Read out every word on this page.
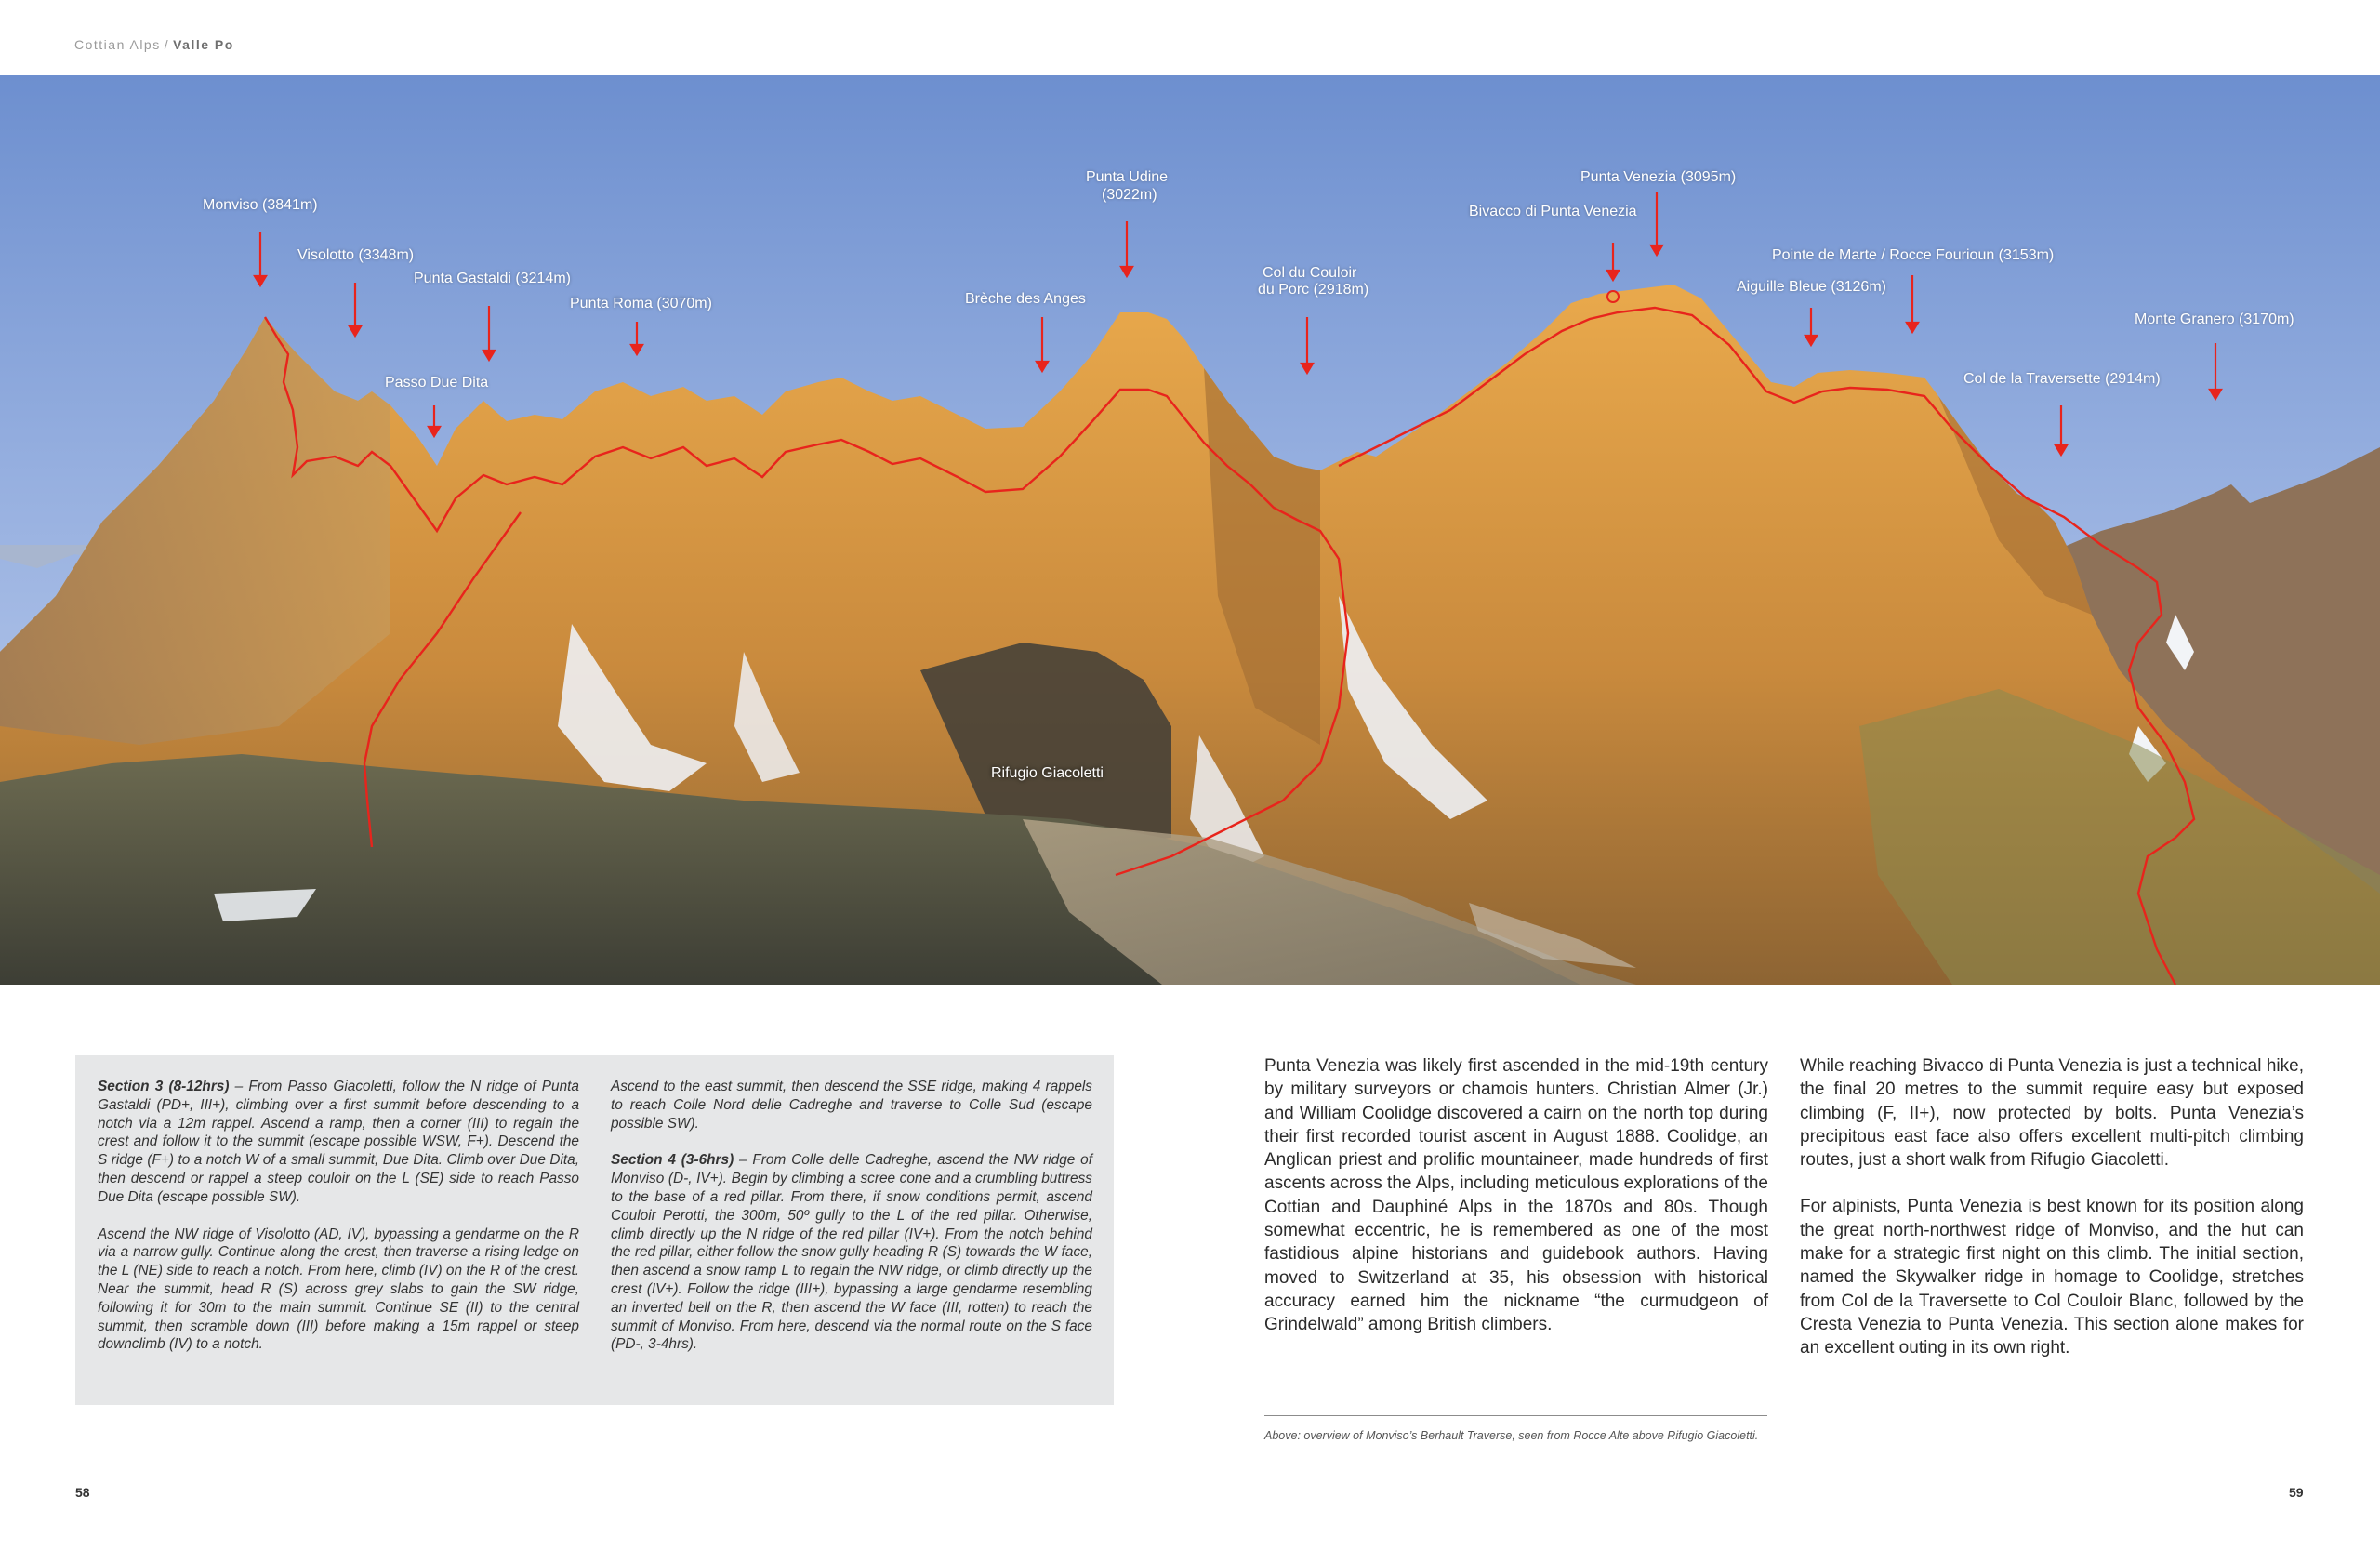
Cottian Alps / Valle Po
Monviso (3841m)
Visolotto (3348m)
Punta Gastaldi (3214m)
Passo Due Dita
Punta Roma (3070m)
Punta Udine
(3022m)
Brèche des Anges
Col du Couloir
du Porc (2918m)
Punta Venezia (3095m)
Bivacco di Punta Venezia
Pointe de Marte / Rocce Fourioun (3153m)
Aiguille Bleue (3126m)
Monte Granero (3170m)
Col de la Traversette (2914m)
Rifugio Giacoletti

Section 3 (8-12hrs) – From Passo Giacoletti, follow the N ridge of Punta Gastaldi (PD+, III+), climbing over a first summit before descending to a notch via a 12m rappel. Ascend a ramp, then a corner (III) to regain the crest and follow it to the summit (escape possible WSW, F+). Descend the S ridge (F+) to a notch W of a small summit, Due Dita. Climb over Due Dita, then descend or rappel a steep couloir on the L (SE) side to reach Passo Due Dita (escape possible SW).

Ascend the NW ridge of Visolotto (AD, IV), bypassing a gendarme on the R via a narrow gully. Continue along the crest, then traverse a rising ledge on the L (NE) side to reach a notch. From here, climb (IV) on the R of the crest. Near the summit, head R (S) across grey slabs to gain the SW ridge, following it for 30m to the main summit. Continue SE (II) to the central summit, then scramble down (III) before making a 15m rappel or steep downclimb (IV) to a notch.

Ascend to the east summit, then descend the SSE ridge, making 4 rappels to reach Colle Nord delle Cadreghe and traverse to Colle Sud (escape possible SW).

Section 4 (3-6hrs) – From Colle delle Cadreghe, ascend the NW ridge of Monviso (D-, IV+). Begin by climbing a scree cone and a crumbling buttress to the base of a red pillar. From there, if snow conditions permit, ascend Couloir Perotti, the 300m, 50º gully to the L of the red pillar. Otherwise, climb directly up the N ridge of the red pillar (IV+). From the notch behind the red pillar, either follow the snow gully heading R (S) towards the W face, then ascend a snow ramp L to regain the NW ridge, or climb directly up the crest (IV+). Follow the ridge (III+), bypassing a large gendarme resembling an inverted bell on the R, then ascend the W face (III, rotten) to reach the summit of Monviso. From here, descend via the normal route on the S face (PD-, 3-4hrs).

Punta Venezia was likely first ascended in the mid-19th century by military surveyors or chamois hunters. Christian Almer (Jr.) and William Coolidge discovered a cairn on the north top during their first recorded tourist ascent in August 1888. Coolidge, an Anglican priest and prolific mountaineer, made hundreds of first ascents across the Alps, including meticulous explorations of the Cottian and Dauphiné Alps in the 1870s and 80s. Though somewhat eccentric, he is remembered as one of the most fastidious alpine historians and guidebook authors. Having moved to Switzerland at 35, his obsession with historical accuracy earned him the nickname “the curmudgeon of Grindelwald” among British climbers.

While reaching Bivacco di Punta Venezia is just a technical hike, the final 20 metres to the summit require easy but exposed climbing (F, II+), now protected by bolts. Punta Venezia’s precipitous east face also offers excellent multi-pitch climbing routes, just a short walk from Rifugio Giacoletti.

For alpinists, Punta Venezia is best known for its position along the great north-northwest ridge of Monviso, and the hut can make for a strategic first night on this climb. The initial section, named the Skywalker ridge in homage to Coolidge, stretches from Col de la Traversette to Col Couloir Blanc, followed by the Cresta Venezia to Punta Venezia. This section alone makes for an excellent outing in its own right.

Above: overview of Monviso’s Berhault Traverse, seen from Rocce Alte above Rifugio Giacoletti.
58	59
